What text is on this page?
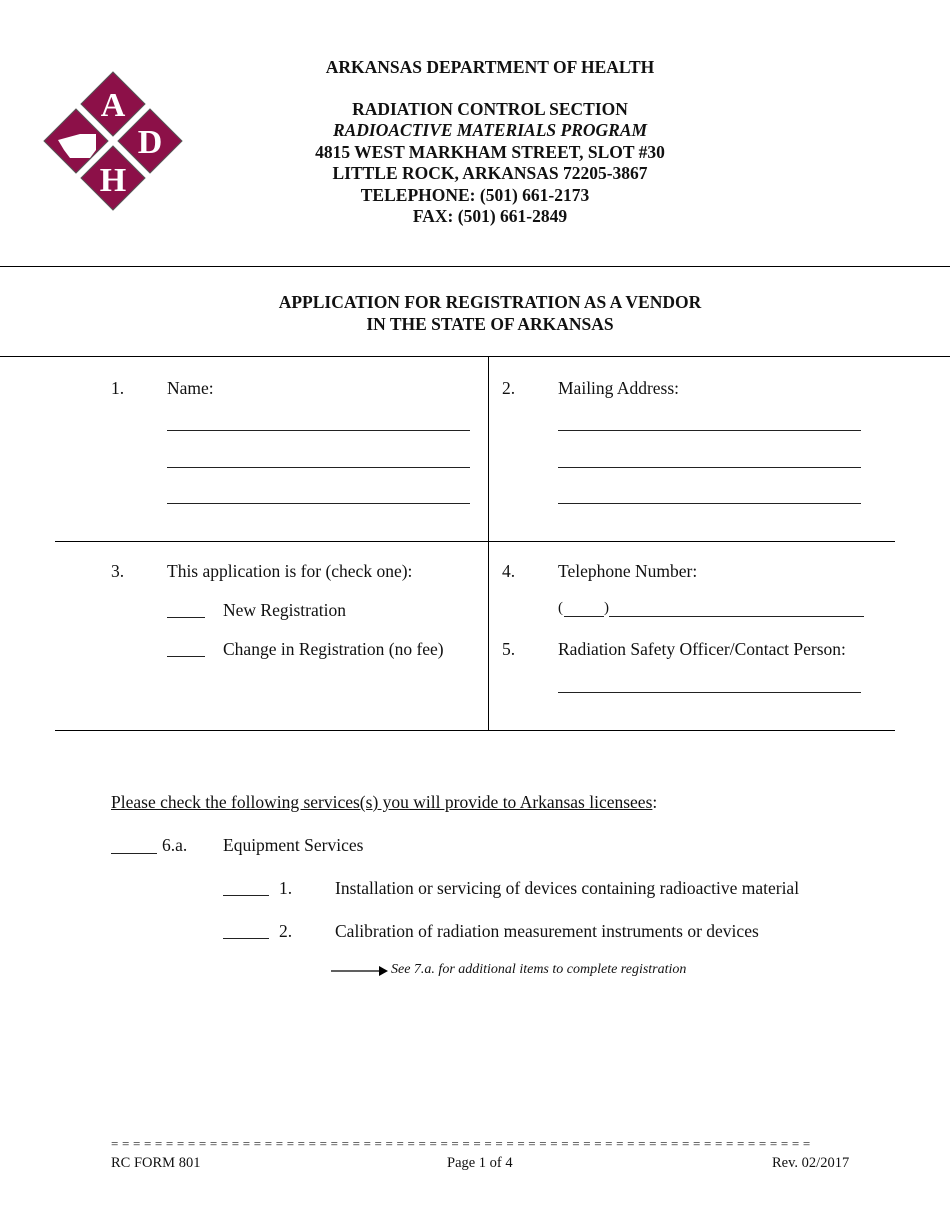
A
D
H
ARKANSAS DEPARTMENT OF HEALTH
RADIATION CONTROL SECTION
RADIOACTIVE MATERIALS PROGRAM
4815 WEST MARKHAM STREET, SLOT #30
LITTLE ROCK, ARKANSAS 72205-3867
TELEPHONE: (501) 661-2173
FAX: (501) 661-2849
APPLICATION FOR REGISTRATION AS A VENDOR
IN THE STATE OF ARKANSAS
1. Name:	2. Mailing Address:
3. This application is for (check one):
New Registration
Change in Registration (no fee)
4. Telephone Number:
(	)
5. Radiation Safety Officer/Contact Person:
Please check the following services(s) you will provide to Arkansas licensees:
6.a. Equipment Services
1. Installation or servicing of devices containing radioactive material
2. Calibration of radiation measurement instruments or devices
See 7.a. for additional items to complete registration
= = = = = = = = = = = = = = = = = = = = = = = = = = = = = = = = = = = = = = = = = = = = = = = = = = = = = = = = = = = = = = = =
RC FORM 801	Page 1 of 4	Rev. 02/2017
